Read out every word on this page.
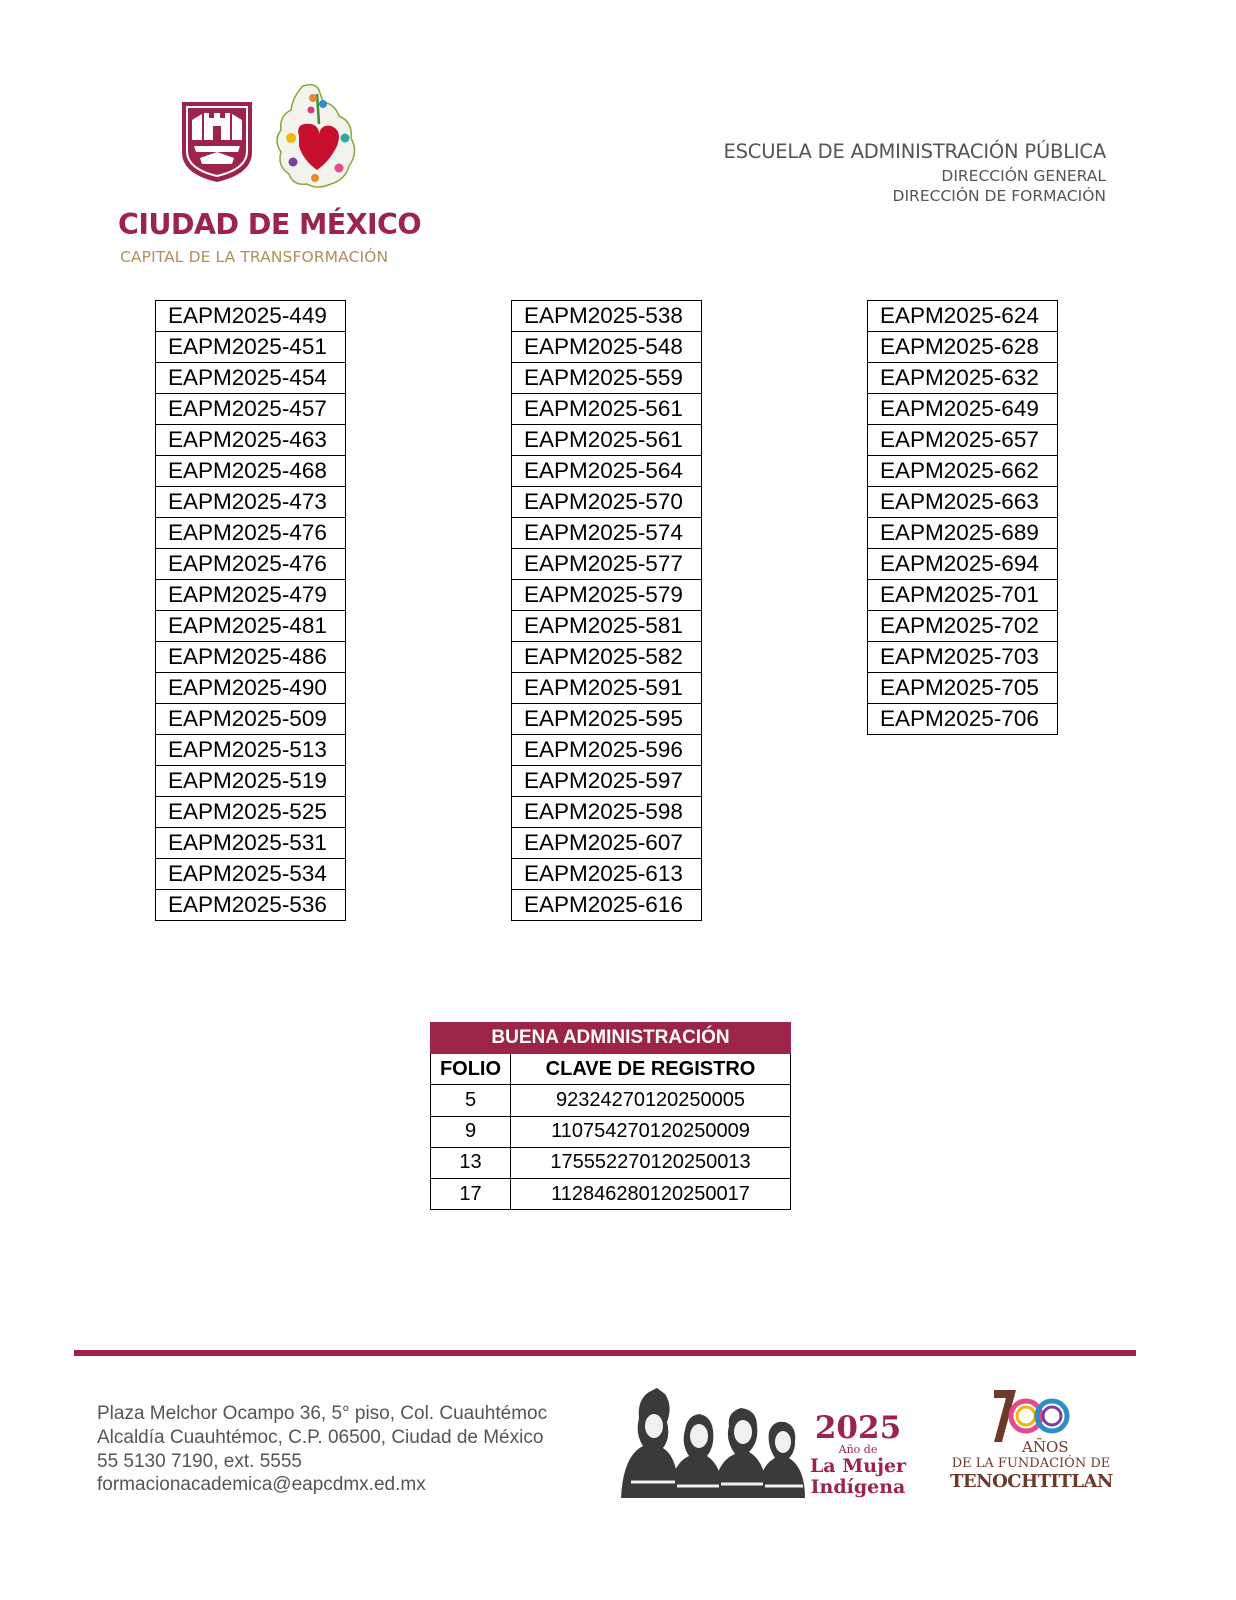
CIUDAD DE MÉXICO
CAPITAL DE LA TRANSFORMACIÓN
ESCUELA DE ADMINISTRACIÓN PÚBLICA
DIRECCIÓN GENERAL
DIRECCIÓN DE FORMACIÓN
EAPM2025-449
EAPM2025-451
EAPM2025-454
EAPM2025-457
EAPM2025-463
EAPM2025-468
EAPM2025-473
EAPM2025-476
EAPM2025-476
EAPM2025-479
EAPM2025-481
EAPM2025-486
EAPM2025-490
EAPM2025-509
EAPM2025-513
EAPM2025-519
EAPM2025-525
EAPM2025-531
EAPM2025-534
EAPM2025-536
EAPM2025-538
EAPM2025-548
EAPM2025-559
EAPM2025-561
EAPM2025-561
EAPM2025-564
EAPM2025-570
EAPM2025-574
EAPM2025-577
EAPM2025-579
EAPM2025-581
EAPM2025-582
EAPM2025-591
EAPM2025-595
EAPM2025-596
EAPM2025-597
EAPM2025-598
EAPM2025-607
EAPM2025-613
EAPM2025-616
EAPM2025-624
EAPM2025-628
EAPM2025-632
EAPM2025-649
EAPM2025-657
EAPM2025-662
EAPM2025-663
EAPM2025-689
EAPM2025-694
EAPM2025-701
EAPM2025-702
EAPM2025-703
EAPM2025-705
EAPM2025-706
BUENA ADMINISTRACIÓN	
FOLIO	CLAVE DE REGISTRO
5	92324270120250005
9	110754270120250009
13	175552270120250013
17	112846280120250017
Plaza Melchor Ocampo 36, 5° piso, Col. Cuauhtémoc
Alcaldía Cuauhtémoc, C.P. 06500, Ciudad de México
55 5130 7190, ext. 5555
formacionacademica@eapcdmx.ed.mx
2025
Año de
La Mujer
Indígena
AÑOS
DE LA FUNDACIÓN DE
TENOCHTITLAN
